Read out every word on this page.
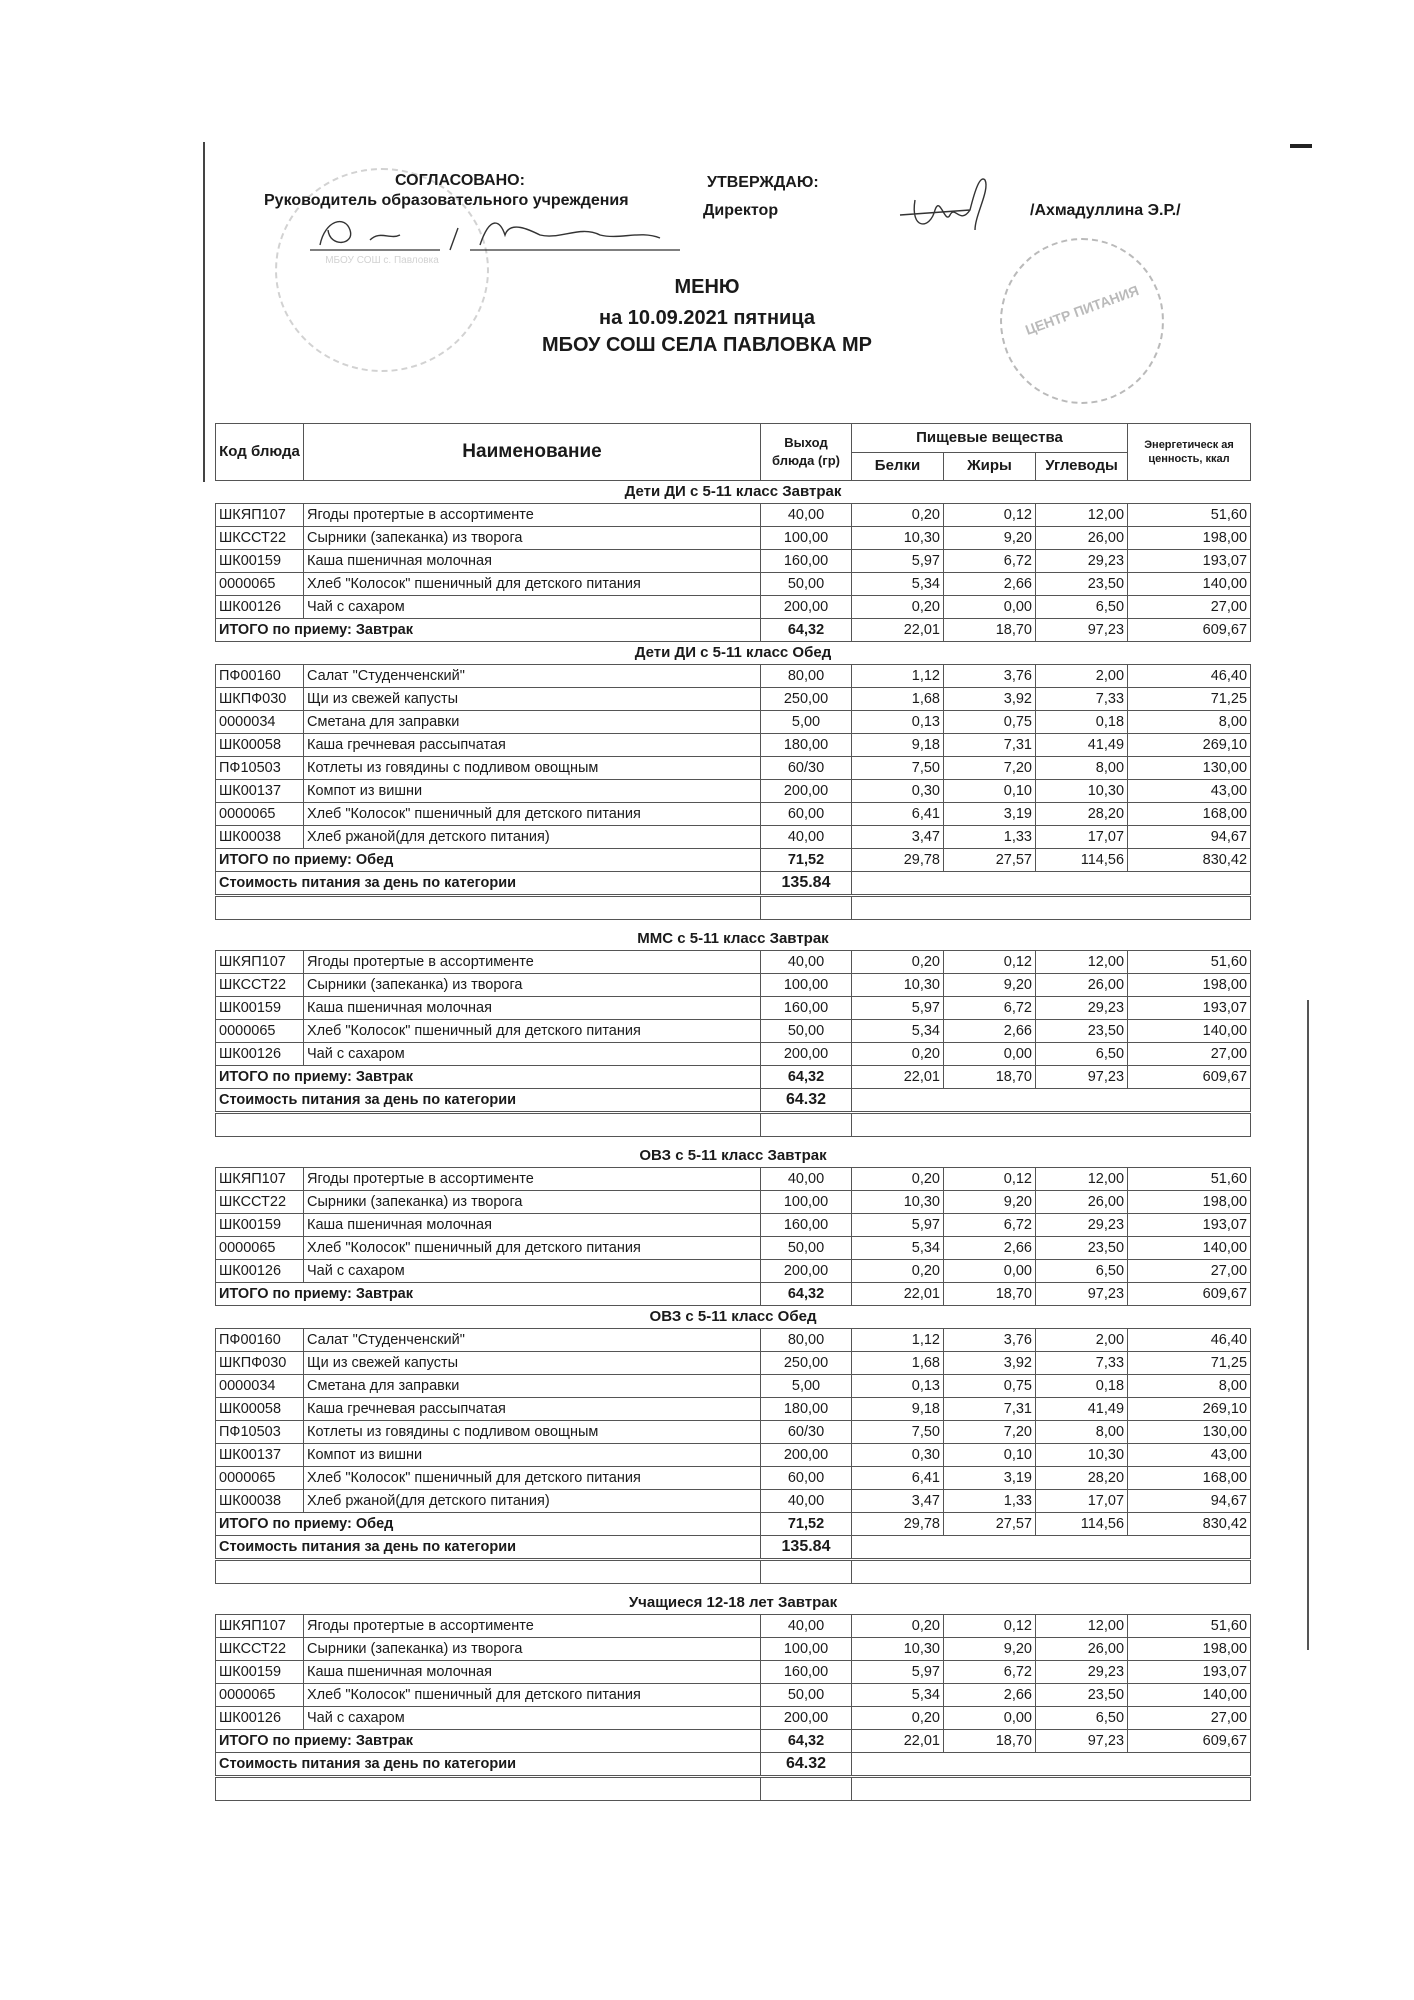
МБОУ СОШ с. Павловка
ЦЕНТР ПИТАНИЯ
СОГЛАСОВАНО:
Руководитель образовательного учреждения
УТВЕРЖДАЮ:
Директор	/Ахмадуллина Э.Р./
МЕНЮ
на 10.09.2021 пятница
МБОУ СОШ СЕЛА ПАВЛОВКА МР
Код блюда	Наименование	Выход блюда (гр)	Пищевые вещества			Энергетическ ая ценность, ккал
			Белки	Жиры	Углеводы	
Дети ДИ с 5-11 класс Завтрак						
ШКЯП107	Ягоды протертые в ассортименте	40,00	0,20	0,12	12,00	51,60
ШКССТ22	Сырники (запеканка) из творога	100,00	10,30	9,20	26,00	198,00
ШК00159	Каша пшеничная молочная	160,00	5,97	6,72	29,23	193,07
0000065	Хлеб "Колосок" пшеничный для детского питания	50,00	5,34	2,66	23,50	140,00
ШК00126	Чай с сахаром	200,00	0,20	0,00	6,50	27,00
ИТОГО по приему: Завтрак		64,32	22,01	18,70	97,23	609,67
Дети ДИ с 5-11 класс Обед						
ПФ00160	Салат "Студенченский"	80,00	1,12	3,76	2,00	46,40
ШКПФ030	Щи из свежей капусты	250,00	1,68	3,92	7,33	71,25
0000034	Сметана для заправки	5,00	0,13	0,75	0,18	8,00
ШК00058	Каша гречневая рассыпчатая	180,00	9,18	7,31	41,49	269,10
ПФ10503	Котлеты из говядины с подливом овощным	60/30	7,50	7,20	8,00	130,00
ШК00137	Компот из вишни	200,00	0,30	0,10	10,30	43,00
0000065	Хлеб "Колосок" пшеничный для детского питания	60,00	6,41	3,19	28,20	168,00
ШК00038	Хлеб ржаной(для детского питания)	40,00	3,47	1,33	17,07	94,67
ИТОГО по приему: Обед		71,52	29,78	27,57	114,56	830,42
Стоимость питания за день по категории		135.84				

ММС с 5-11 класс Завтрак						
ШКЯП107	Ягоды протертые в ассортименте	40,00	0,20	0,12	12,00	51,60
ШКССТ22	Сырники (запеканка) из творога	100,00	10,30	9,20	26,00	198,00
ШК00159	Каша пшеничная молочная	160,00	5,97	6,72	29,23	193,07
0000065	Хлеб "Колосок" пшеничный для детского питания	50,00	5,34	2,66	23,50	140,00
ШК00126	Чай с сахаром	200,00	0,20	0,00	6,50	27,00
ИТОГО по приему: Завтрак		64,32	22,01	18,70	97,23	609,67
Стоимость питания за день по категории		64.32				

ОВЗ с 5-11 класс Завтрак						
ШКЯП107	Ягоды протертые в ассортименте	40,00	0,20	0,12	12,00	51,60
ШКССТ22	Сырники (запеканка) из творога	100,00	10,30	9,20	26,00	198,00
ШК00159	Каша пшеничная молочная	160,00	5,97	6,72	29,23	193,07
0000065	Хлеб "Колосок" пшеничный для детского питания	50,00	5,34	2,66	23,50	140,00
ШК00126	Чай с сахаром	200,00	0,20	0,00	6,50	27,00
ИТОГО по приему: Завтрак		64,32	22,01	18,70	97,23	609,67
ОВЗ с 5-11 класс Обед						
ПФ00160	Салат "Студенченский"	80,00	1,12	3,76	2,00	46,40
ШКПФ030	Щи из свежей капусты	250,00	1,68	3,92	7,33	71,25
0000034	Сметана для заправки	5,00	0,13	0,75	0,18	8,00
ШК00058	Каша гречневая рассыпчатая	180,00	9,18	7,31	41,49	269,10
ПФ10503	Котлеты из говядины с подливом овощным	60/30	7,50	7,20	8,00	130,00
ШК00137	Компот из вишни	200,00	0,30	0,10	10,30	43,00
0000065	Хлеб "Колосок" пшеничный для детского питания	60,00	6,41	3,19	28,20	168,00
ШК00038	Хлеб ржаной(для детского питания)	40,00	3,47	1,33	17,07	94,67
ИТОГО по приему: Обед		71,52	29,78	27,57	114,56	830,42
Стоимость питания за день по категории		135.84				

Учащиеся 12-18 лет Завтрак						
ШКЯП107	Ягоды протертые в ассортименте	40,00	0,20	0,12	12,00	51,60
ШКССТ22	Сырники (запеканка) из творога	100,00	10,30	9,20	26,00	198,00
ШК00159	Каша пшеничная молочная	160,00	5,97	6,72	29,23	193,07
0000065	Хлеб "Колосок" пшеничный для детского питания	50,00	5,34	2,66	23,50	140,00
ШК00126	Чай с сахаром	200,00	0,20	0,00	6,50	27,00
ИТОГО по приему: Завтрак		64,32	22,01	18,70	97,23	609,67
Стоимость питания за день по категории		64.32				
